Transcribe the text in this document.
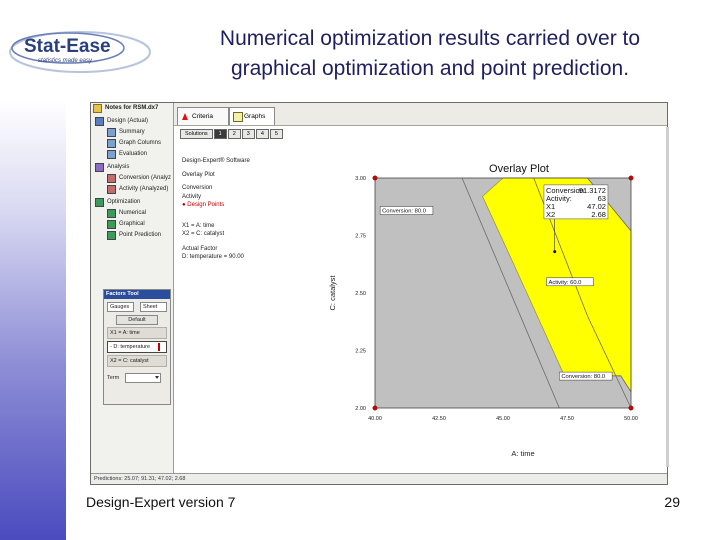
Stat-Ease
statistics made easy
Numerical optimization results carried over to
graphical optimization and point prediction.
Notes for RSM.dx7
Design (Actual)
Summary
Graph Columns
Evaluation
Analysis
Conversion (Analyz
Activity (Analyzed)
Optimization
Numerical
Graphical
Point Prediction
Factors Tool
Gauges	Sheet
Default
X1 = A: time
- D: temperature
X2 = C: catalyst
Term
Criteria	Graphs
Solutions	1	2	3	4	5
Design-Expert® Software
Overlay Plot
Conversion
Activity
● Design Points
X1 = A: time
X2 = C: catalyst
Actual Factor
D: temperature = 90.00
Overlay Plot
40.00	42.50	45.00	47.50	50.00
2.00
2.25
2.50
2.75
3.00
A: time
C: catalyst
Conversion: 80.0
Activity: 60.0
Conversion: 80.0
Conversion:
91.3172
Activity:	63
X1	47.02
X2	2.68
Predictions: 25.07; 91.31; 47.02; 2.68
Design-Expert version 7	29
